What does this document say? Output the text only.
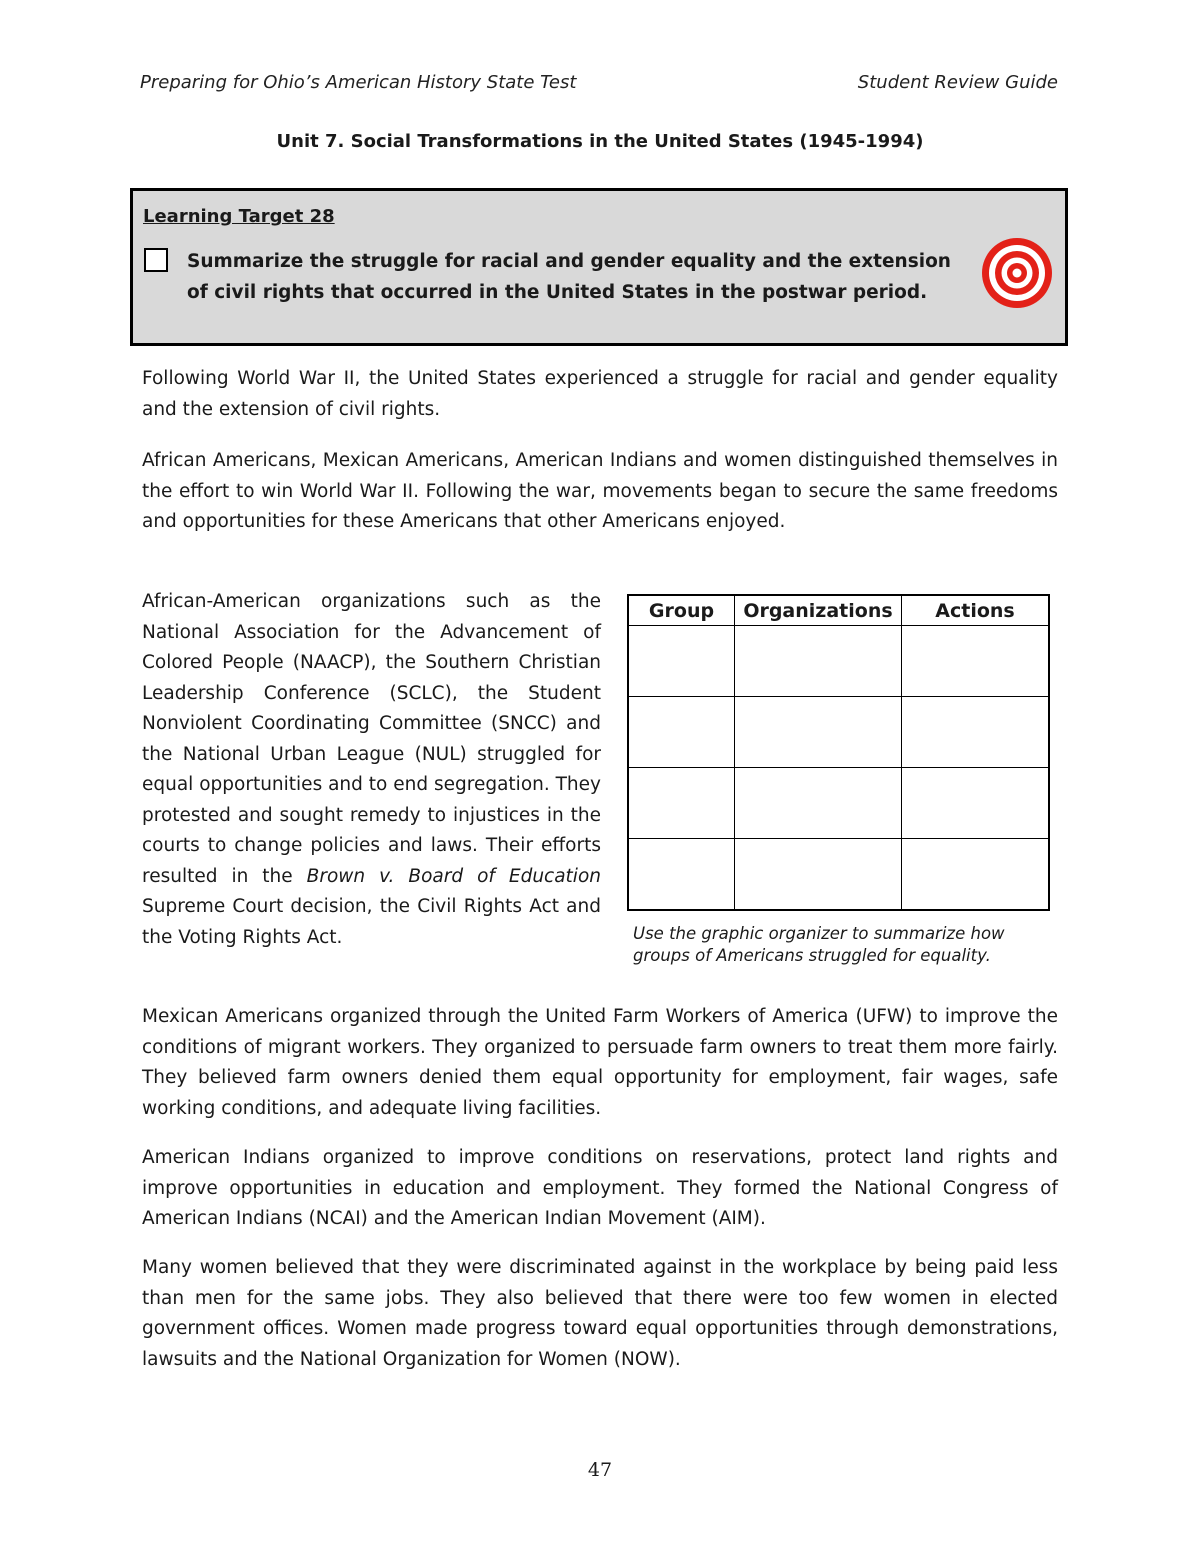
Preparing for Ohio’s American History State Test	Student Review Guide
Unit 7. Social Transformations in the United States (1945-1994)
Learning Target 28
Summarize the struggle for racial and gender equality and the extension of civil rights that occurred in the United States in the postwar period.

Following World War II, the United States experienced a struggle for racial and gender equality and the extension of civil rights.

African Americans, Mexican Americans, American Indians and women distinguished themselves in the effort to win World War II. Following the war, movements began to secure the same freedoms and opportunities for these Americans that other Americans enjoyed.

African-American organizations such as the National Association for the Advancement of Colored People (NAACP), the Southern Christian Leadership Conference (SCLC), the Student Nonviolent Coordinating Committee (SNCC) and the National Urban League (NUL) struggled for equal opportunities and to end segregation. They protested and sought remedy to injustices in the courts to change policies and laws. Their efforts resulted in the Brown v. Board of Education Supreme Court decision, the Civil Rights Act and the Voting Rights Act.

Group	Organizations	Actions

Use the graphic organizer to summarize how groups of Americans struggled for equality.

Mexican Americans organized through the United Farm Workers of America (UFW) to improve the conditions of migrant workers. They organized to persuade farm owners to treat them more fairly. They believed farm owners denied them equal opportunity for employment, fair wages, safe working conditions, and adequate living facilities.

American Indians organized to improve conditions on reservations, protect land rights and improve opportunities in education and employment. They formed the National Congress of American Indians (NCAI) and the American Indian Movement (AIM).

Many women believed that they were discriminated against in the workplace by being paid less than men for the same jobs. They also believed that there were too few women in elected government offices. Women made progress toward equal opportunities through demonstrations, lawsuits and the National Organization for Women (NOW).

47
